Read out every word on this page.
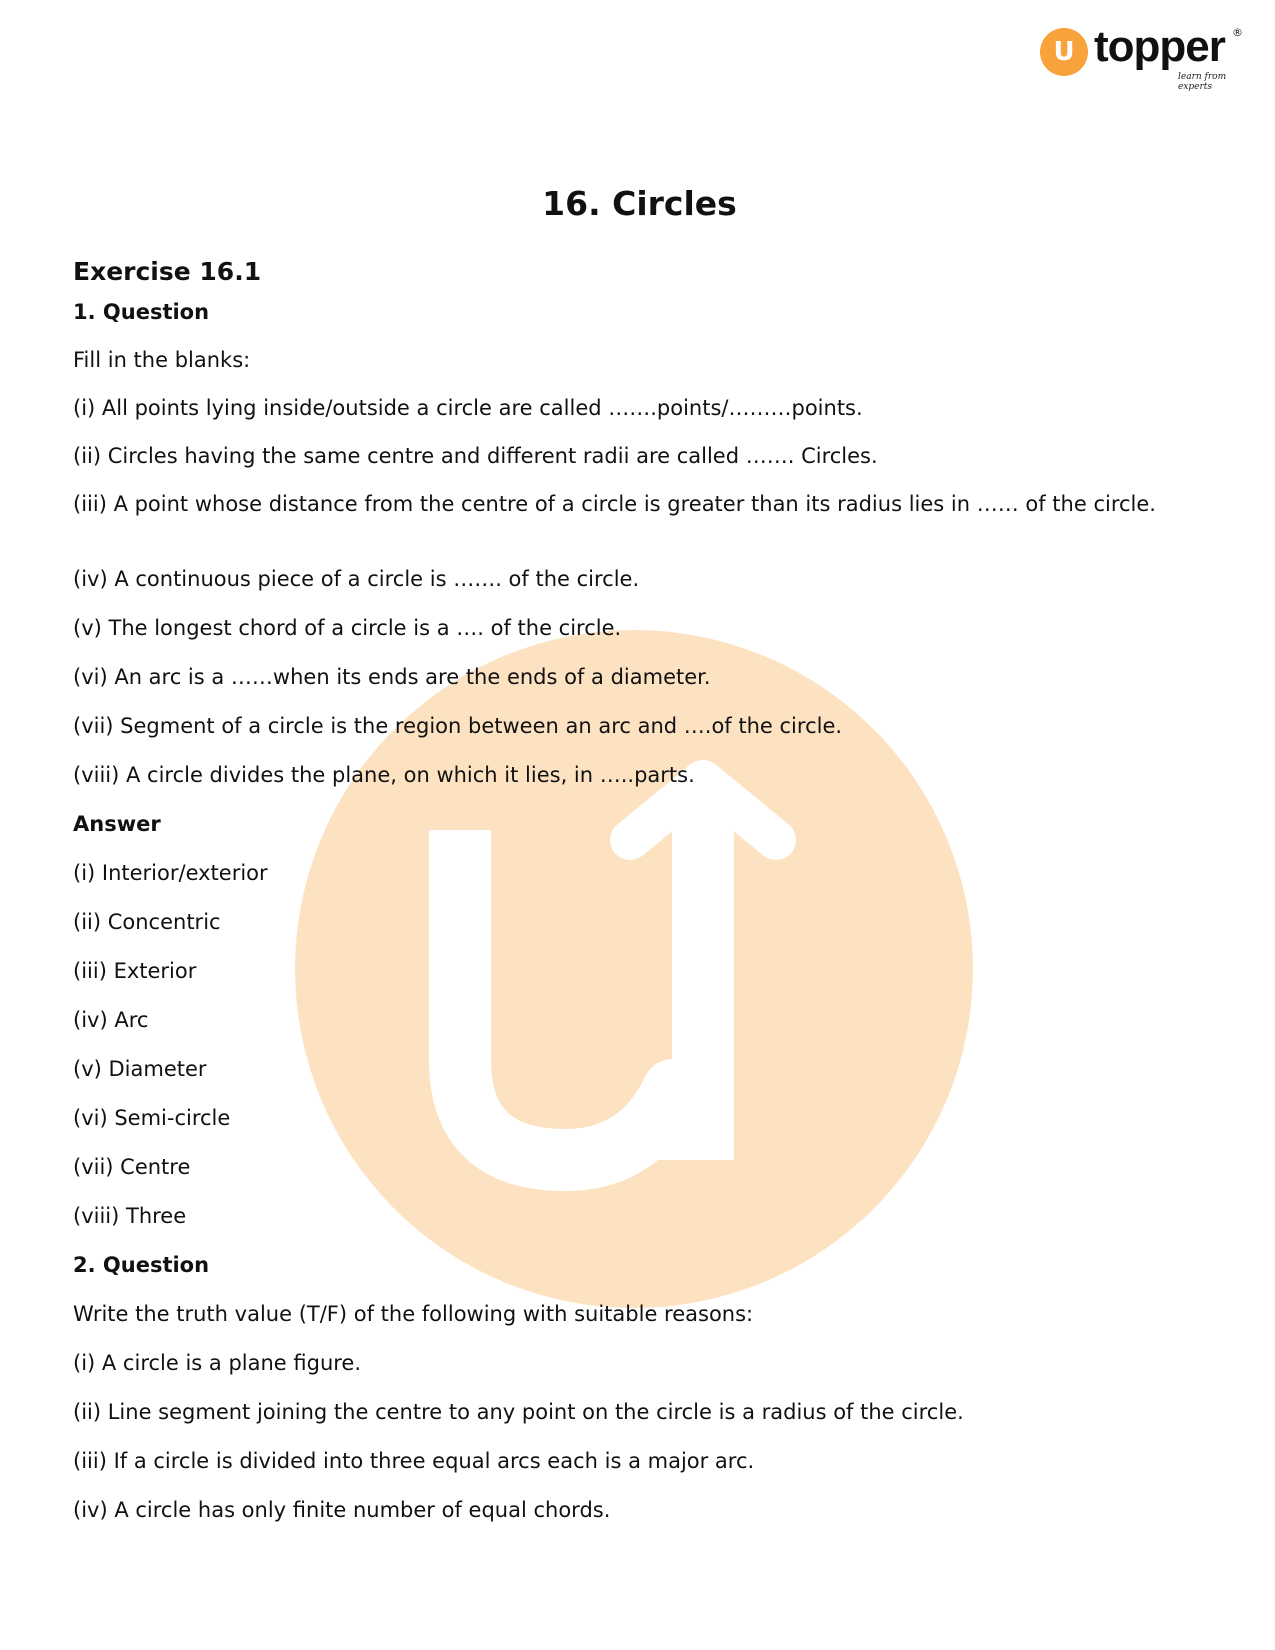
U topper ®
learn from experts
16. Circles
Exercise 16.1

1. Question

Fill in the blanks:

(i) All points lying inside/outside a circle are called …….points/………points.

(ii) Circles having the same centre and different radii are called ……. Circles.

(iii) A point whose distance from the centre of a circle is greater than its radius lies in …… of the circle.

(iv) A continuous piece of a circle is ……. of the circle.

(v) The longest chord of a circle is a …. of the circle.

(vi) An arc is a ……when its ends are the ends of a diameter.

(vii) Segment of a circle is the region between an arc and ….of the circle.

(viii) A circle divides the plane, on which it lies, in …..parts.

Answer

(i) Interior/exterior

(ii) Concentric

(iii) Exterior

(iv) Arc

(v) Diameter

(vi) Semi-circle

(vii) Centre

(viii) Three

2. Question

Write the truth value (T/F) of the following with suitable reasons:

(i) A circle is a plane figure.

(ii) Line segment joining the centre to any point on the circle is a radius of the circle.

(iii) If a circle is divided into three equal arcs each is a major arc.

(iv) A circle has only finite number of equal chords.
